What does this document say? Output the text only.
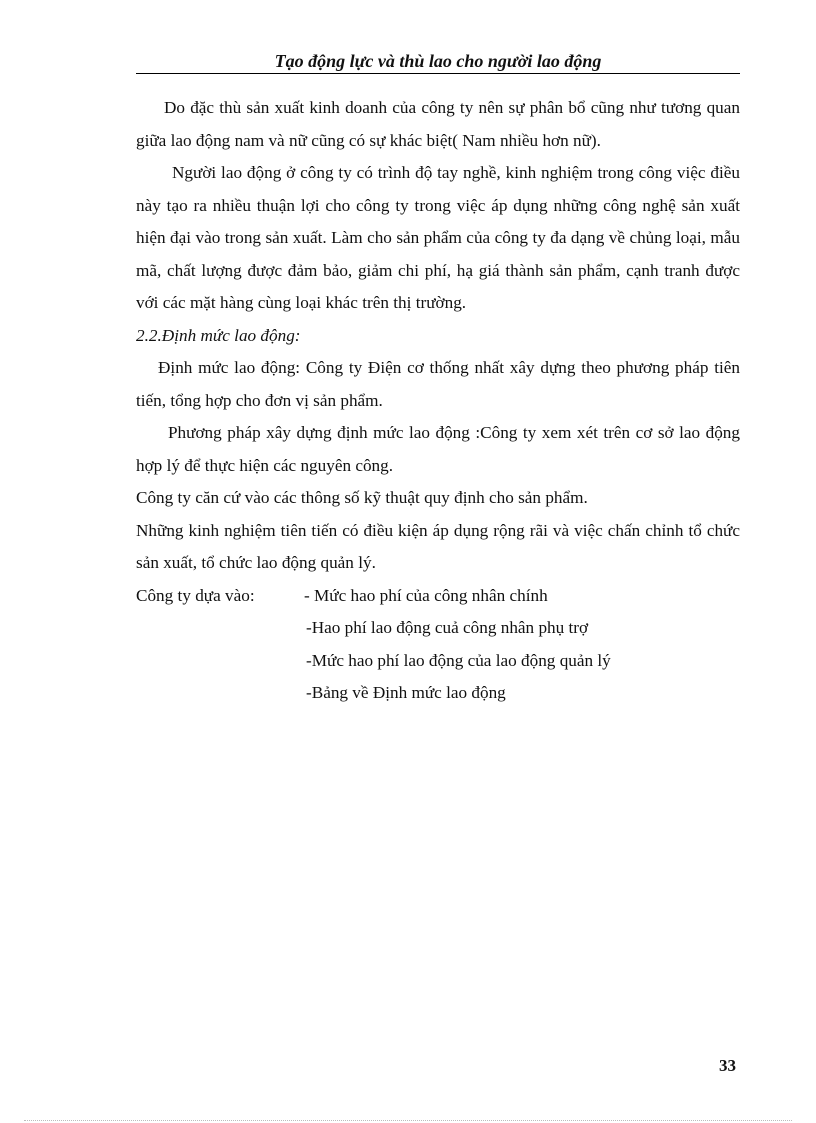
Tạo động lực và thù lao cho người lao động

Do đặc thù sản xuất kinh doanh của công ty nên sự phân bổ cũng như tương quan giữa lao động nam và nữ cũng có sự khác biệt( Nam nhiều hơn nữ).

Người lao động ở công ty có trình độ tay nghề, kinh nghiệm trong công việc điều này tạo ra nhiều thuận lợi cho công ty trong việc áp dụng những công nghệ sản xuất hiện đại vào trong sản xuất. Làm cho sản phẩm của công ty đa dạng về chủng loại, mẫu mã, chất lượng được đảm bảo, giảm chi phí, hạ giá thành sản phẩm, cạnh tranh được với các mặt hàng cùng loại khác trên thị trường.

2.2.Định mức lao động:

Định mức lao động: Công ty Điện cơ thống nhất xây dựng theo phương pháp tiên tiến, tổng hợp cho đơn vị sản phẩm.

Phương pháp xây dựng định mức lao động :Công ty xem xét trên cơ sở lao động hợp lý để thực hiện các nguyên công.

Công ty căn cứ vào các thông số kỹ thuật quy định cho sản phẩm.

Những kinh nghiệm tiên tiến có điều kiện áp dụng rộng rãi và việc chấn chỉnh tổ chức sản xuất, tổ chức lao động quản lý.

Công ty dựa vào:	- Mức hao phí của công nhân chính
-Hao phí lao động cuả công nhân phụ trợ
-Mức hao phí lao động của lao động quản lý
-Bảng về Định mức lao động
33
